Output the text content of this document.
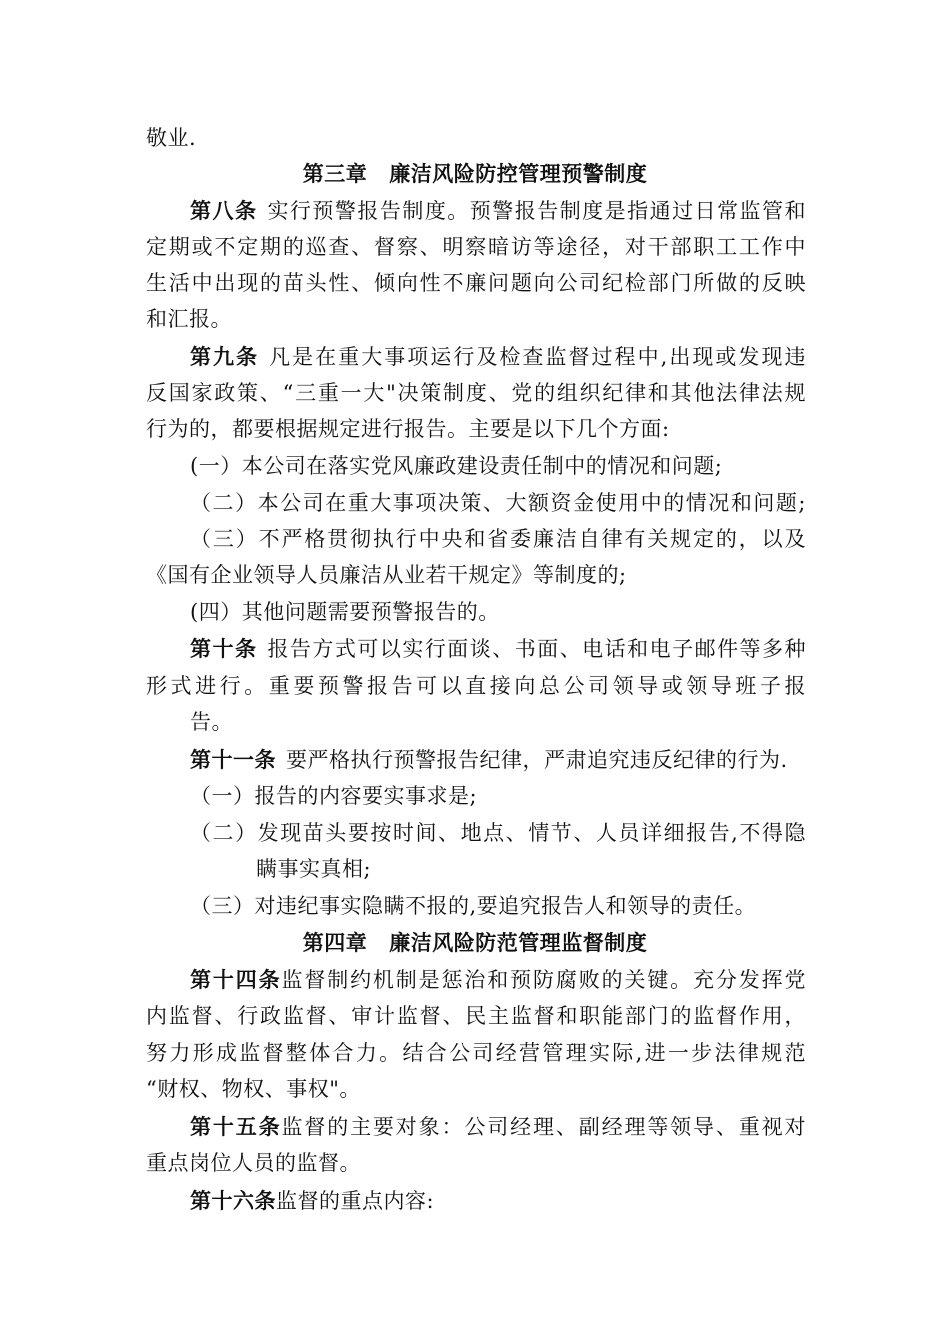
敬业.
第三章 廉洁风险防控管理预警制度
第八条 实行预警报告制度。预警报告制度是指通过日常监管和
定期或不定期的巡查、督察、明察暗访等途径，对干部职工工作中
生活中出现的苗头性、倾向性不廉问题向公司纪检部门所做的反映
和汇报。
第九条 凡是在重大事项运行及检查监督过程中,出现或发现违
反国家政策、“三重一大"决策制度、党的组织纪律和其他法律法规
行为的，都要根据规定进行报告。主要是以下几个方面:
(一）本公司在落实党风廉政建设责任制中的情况和问题;
（二）本公司在重大事项决策、大额资金使用中的情况和问题;
（三）不严格贯彻执行中央和省委廉洁自律有关规定的，以及
《国有企业领导人员廉洁从业若干规定》等制度的;
(四）其他问题需要预警报告的。
第十条 报告方式可以实行面谈、书面、电话和电子邮件等多种
形式进行。重要预警报告可以直接向总公司领导或领导班子报
告。
第十一条 要严格执行预警报告纪律，严肃追究违反纪律的行为.
（一）报告的内容要实事求是;
（二）发现苗头要按时间、地点、情节、人员详细报告,不得隐
瞒事实真相;
（三）对违纪事实隐瞒不报的,要追究报告人和领导的责任。
第四章 廉洁风险防范管理监督制度
第十四条监督制约机制是惩治和预防腐败的关键。充分发挥党
内监督、行政监督、审计监督、民主监督和职能部门的监督作用，
努力形成监督整体合力。结合公司经营管理实际,进一步法律规范
“财权、物权、事权"。
第十五条监督的主要对象：公司经理、副经理等领导、重视对
重点岗位人员的监督。
第十六条监督的重点内容:
